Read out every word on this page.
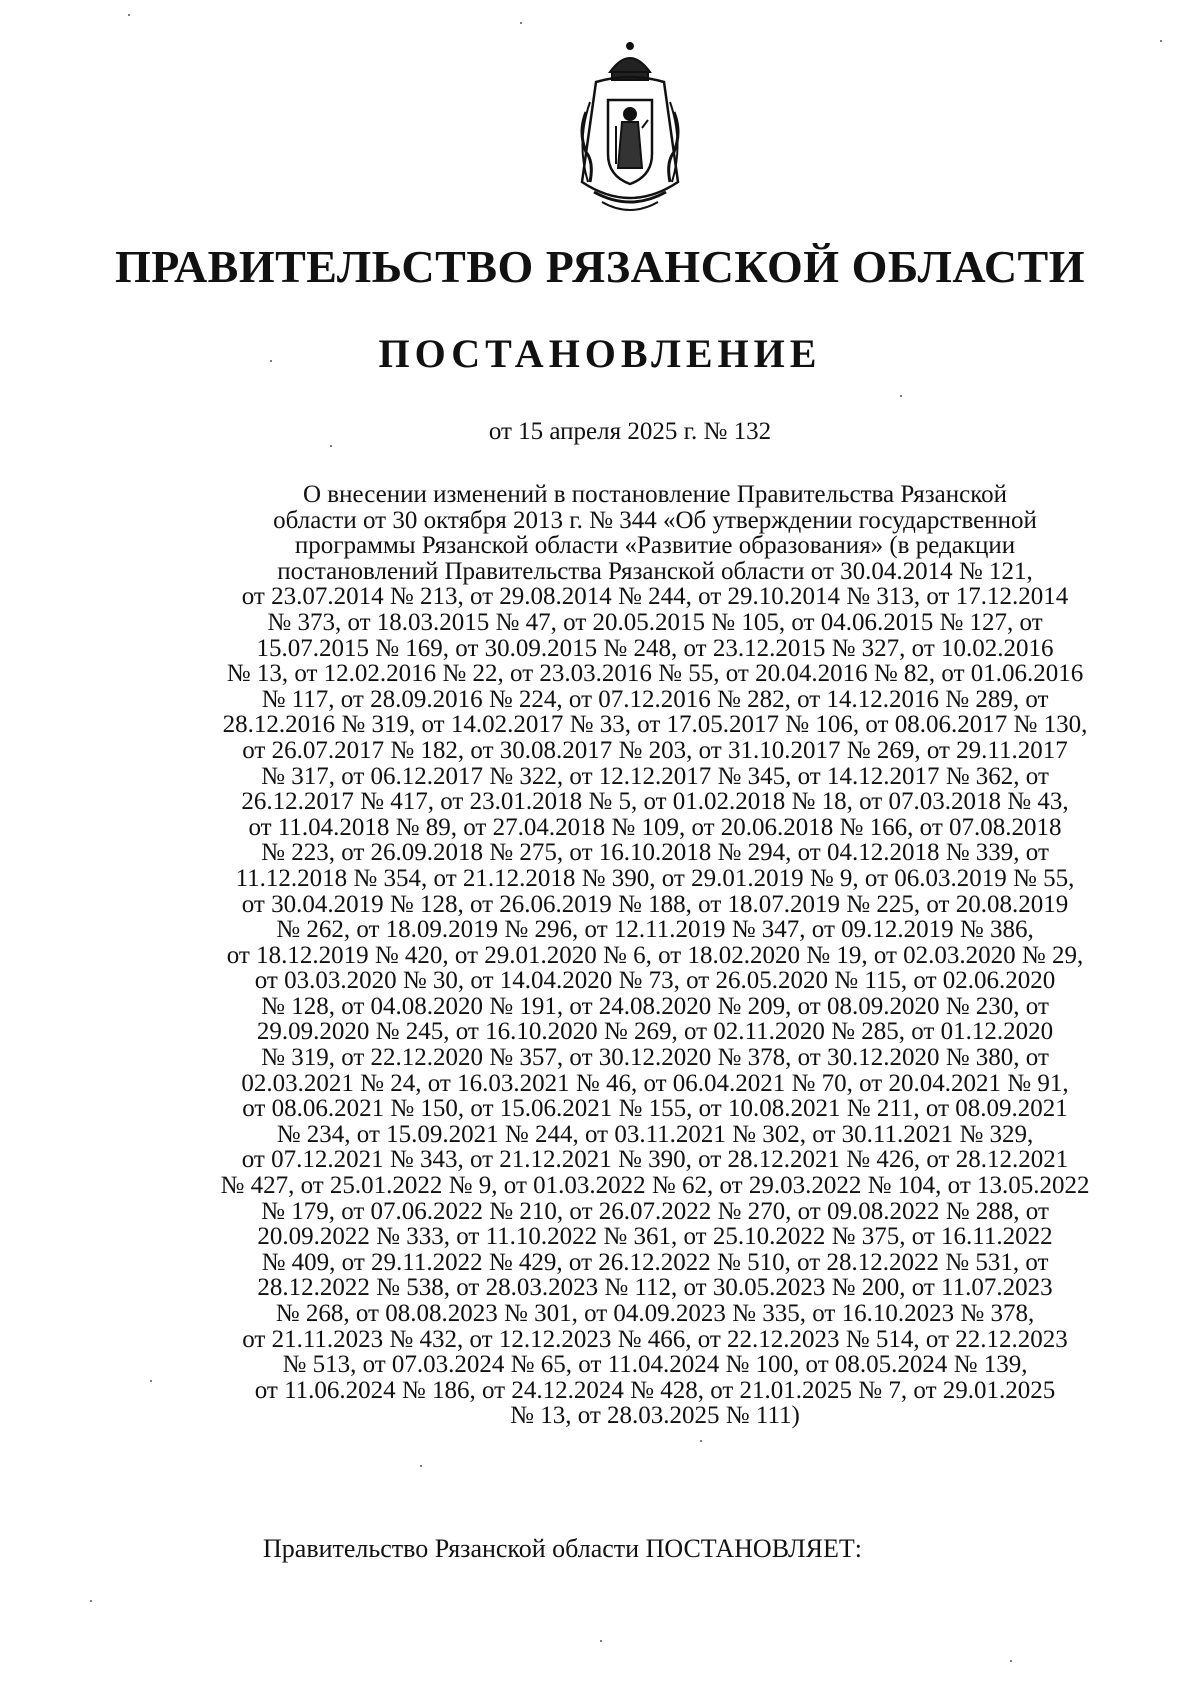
ПРАВИТЕЛЬСТВО РЯЗАНСКОЙ ОБЛАСТИ
ПОСТАНОВЛЕНИЕ
от 15 апреля 2025 г. № 132
О внесении изменений в постановление Правительства Рязанской
области от 30 октября 2013 г. № 344 «Об утверждении государственной
программы Рязанской области «Развитие образования» (в редакции
постановлений Правительства Рязанской области от 30.04.2014 № 121,
от 23.07.2014 № 213, от 29.08.2014 № 244, от 29.10.2014 № 313, от 17.12.2014
№ 373, от 18.03.2015 № 47, от 20.05.2015 № 105, от 04.06.2015 № 127, от
15.07.2015 № 169, от 30.09.2015 № 248, от 23.12.2015 № 327, от 10.02.2016
№ 13, от 12.02.2016 № 22, от 23.03.2016 № 55, от 20.04.2016 № 82, от 01.06.2016
№ 117, от 28.09.2016 № 224, от 07.12.2016 № 282, от 14.12.2016 № 289, от
28.12.2016 № 319, от 14.02.2017 № 33, от 17.05.2017 № 106, от 08.06.2017 № 130,
от 26.07.2017 № 182, от 30.08.2017 № 203, от 31.10.2017 № 269, от 29.11.2017
№ 317, от 06.12.2017 № 322, от 12.12.2017 № 345, от 14.12.2017 № 362, от
26.12.2017 № 417, от 23.01.2018 № 5, от 01.02.2018 № 18, от 07.03.2018 № 43,
от 11.04.2018 № 89, от 27.04.2018 № 109, от 20.06.2018 № 166, от 07.08.2018
№ 223, от 26.09.2018 № 275, от 16.10.2018 № 294, от 04.12.2018 № 339, от
11.12.2018 № 354, от 21.12.2018 № 390, от 29.01.2019 № 9, от 06.03.2019 № 55,
от 30.04.2019 № 128, от 26.06.2019 № 188, от 18.07.2019 № 225, от 20.08.2019
№ 262, от 18.09.2019 № 296, от 12.11.2019 № 347, от 09.12.2019 № 386,
от 18.12.2019 № 420, от 29.01.2020 № 6, от 18.02.2020 № 19, от 02.03.2020 № 29,
от 03.03.2020 № 30, от 14.04.2020 № 73, от 26.05.2020 № 115, от 02.06.2020
№ 128, от 04.08.2020 № 191, от 24.08.2020 № 209, от 08.09.2020 № 230, от
29.09.2020 № 245, от 16.10.2020 № 269, от 02.11.2020 № 285, от 01.12.2020
№ 319, от 22.12.2020 № 357, от 30.12.2020 № 378, от 30.12.2020 № 380, от
02.03.2021 № 24, от 16.03.2021 № 46, от 06.04.2021 № 70, от 20.04.2021 № 91,
от 08.06.2021 № 150, от 15.06.2021 № 155, от 10.08.2021 № 211, от 08.09.2021
№ 234, от 15.09.2021 № 244, от 03.11.2021 № 302, от 30.11.2021 № 329,
от 07.12.2021 № 343, от 21.12.2021 № 390, от 28.12.2021 № 426, от 28.12.2021
№ 427, от 25.01.2022 № 9, от 01.03.2022 № 62, от 29.03.2022 № 104, от 13.05.2022
№ 179, от 07.06.2022 № 210, от 26.07.2022 № 270, от 09.08.2022 № 288, от
20.09.2022 № 333, от 11.10.2022 № 361, от 25.10.2022 № 375, от 16.11.2022
№ 409, от 29.11.2022 № 429, от 26.12.2022 № 510, от 28.12.2022 № 531, от
28.12.2022 № 538, от 28.03.2023 № 112, от 30.05.2023 № 200, от 11.07.2023
№ 268, от 08.08.2023 № 301, от 04.09.2023 № 335, от 16.10.2023 № 378,
от 21.11.2023 № 432, от 12.12.2023 № 466, от 22.12.2023 № 514, от 22.12.2023
№ 513, от 07.03.2024 № 65, от 11.04.2024 № 100, от 08.05.2024 № 139,
от 11.06.2024 № 186, от 24.12.2024 № 428, от 21.01.2025 № 7, от 29.01.2025
№ 13, от 28.03.2025 № 111)
Правительство Рязанской области ПОСТАНОВЛЯЕТ:
